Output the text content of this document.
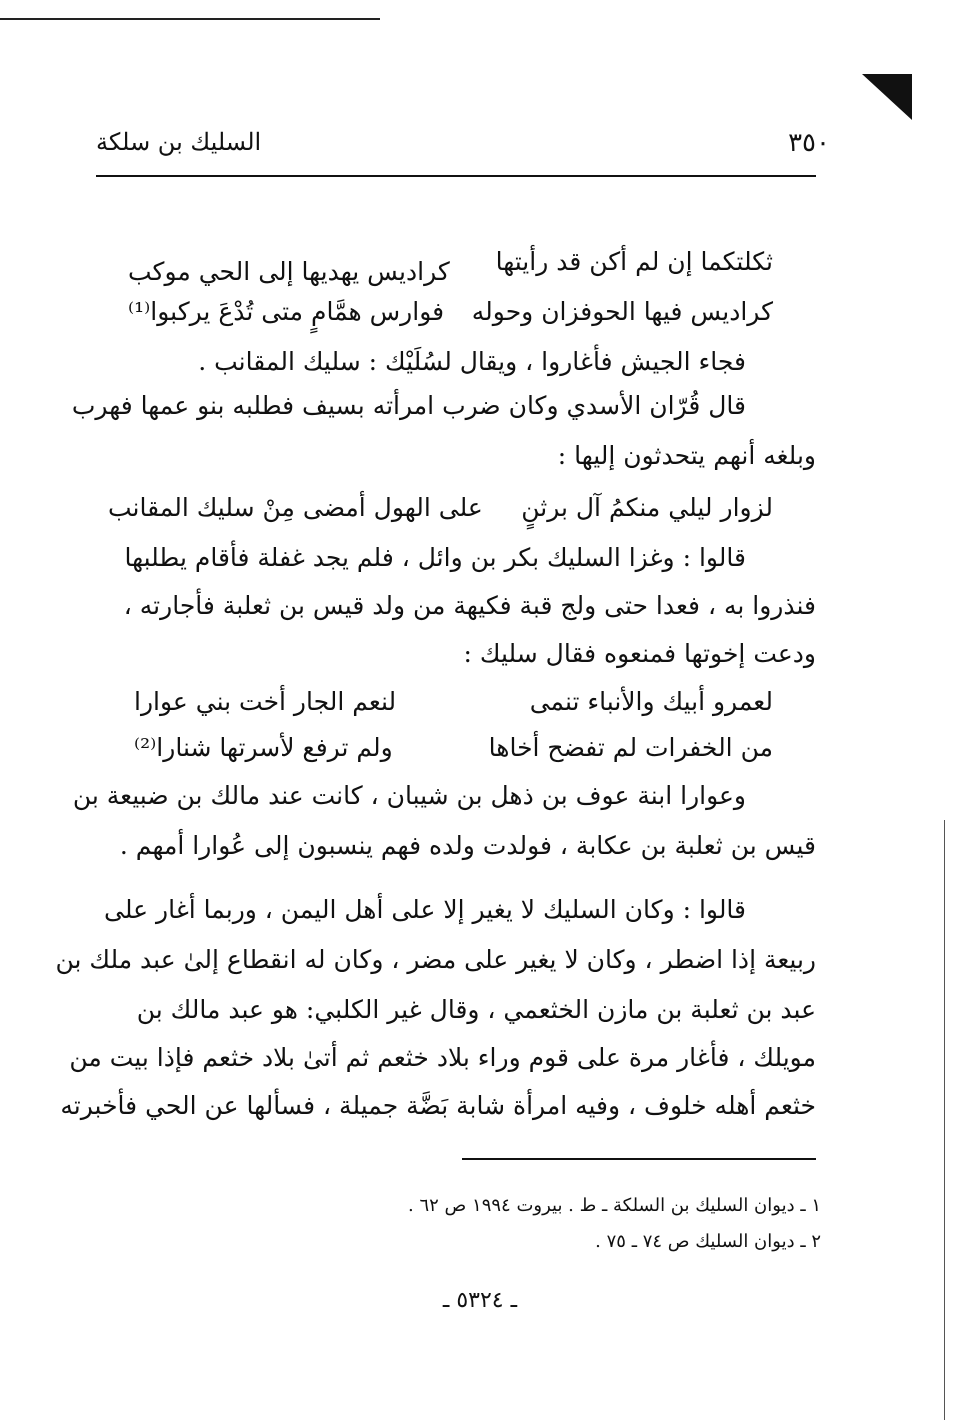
٣٥٠
السليك بن سلكة
ثكلتكما إن لم أكن قد رأيتها
كراديس يهديها إلى الحي موكب
كراديس فيها الحوفزان وحوله
فوارس همَّامٍ متى تُدْعَ يركبوا⁽¹⁾
فجاء الجيش فأغاروا ، ويقال لسُلَيْك : سليك المقانب .
قال قُرّان الأسدي وكان ضرب امرأته بسيف فطلبه بنو عمها فهرب
وبلغه أنهم يتحدثون إليها :
لزوار ليلي منكمُ آل برثنٍ
على الهول أمضى مِنْ سليك المقانب
قالوا : وغزا السليك بكر بن وائل ، فلم يجد غفلة فأقام يطلبها
فنذروا به ، فعدا حتى ولج قبة فكيهة من ولد قيس بن ثعلبة فأجارته ،
ودعت إخوتها فمنعوه فقال سليك :
لعمرو أبيك والأنباء تنمى
لنعم الجار أخت بني عوارا
من الخفرات لم تفضح أخاها
ولم ترفع لأسرتها شنارا⁽²⁾
وعوارا ابنة عوف بن ذهل بن شيبان ، كانت عند مالك بن ضبيعة بن
قيس بن ثعلبة بن عكابة ، فولدت ولده فهم ينسبون إلى عُوارا أمهم .
قالوا : وكان السليك لا يغير إلا على أهل اليمن ، وربما أغار على
ربيعة إذا اضطر ، وكان لا يغير على مضر ، وكان له انقطاع إلىٰ عبد ملك بن
عبد بن ثعلبة بن مازن الخثعمي ، وقال غير الكلبي: هو عبد مالك بن
مويلك ، فأغار مرة على قوم وراء بلاد خثعم ثم أتىٰ بلاد خثعم فإذا بيت من
خثعم أهله خلوف ، وفيه امرأة شابة بَضَّة جميلة ، فسألها عن الحي فأخبرته
١ ـ ديوان السليك بن السلكة ـ ط . بيروت ١٩٩٤ ص ٦٢ .
٢ ـ ديوان السليك ص ٧٤ ـ ٧٥ .
ـ ٥٣٢٤ ـ
